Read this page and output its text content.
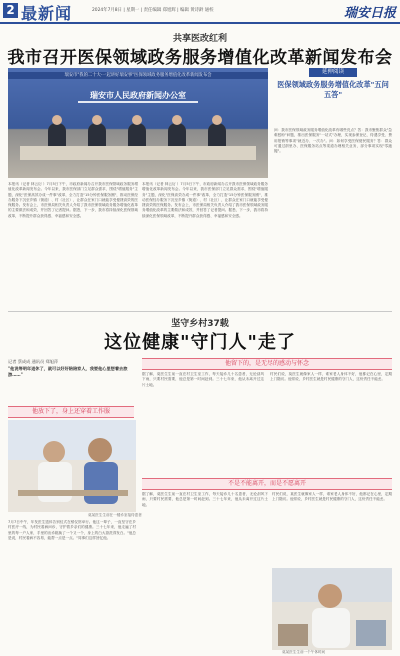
2 最新闻	2024年7月8日 | 星期一 | 责任编辑 郑旭辉 | 编辑 黄诗龄 通校	瑞安日报
共享医改红利
我市召开医保领域政务服务增值化改革新闻发布会
瑞安市"我的二十大·一起讲好瑞安事"医保领域政务服务增值化改革新闻发布会
瑞安市人民政府新闻办公室
延伸阅读
医保领域政务服务增值化改革"五问五答"
本报讯（记者 林云衍 ）7月5日下午，市政府新闻办召开我市医保领域政务服务增值化改革新闻发布会。今年以来，我市医保部门立足群众需求，围绕"增值服务"主题，深化"医保高效办成一件事"改革，全力打造"15分钟医保服务圈"，推动医保经办服务下沉至乡镇（街道）、村（社区），让群众在家门口就能享受便捷高效的医保服务。发布会上，市医保局相关负责人介绍了我市医保领域政务服务增值化改革的主要做法和成效，并回答了记者提问。据悉，下一步，我市将持续深化医保领域改革，不断提升群众获得感、幸福感和安全感。
本报讯（记者 林云衍 ）7月5日下午，市政府新闻办召开我市医保领域政务服务增值化改革新闻发布会。今年以来，我市医保部门立足群众需求，围绕"增值服务"主题，深化"医保高效办成一件事"改革，全力打造"15分钟医保服务圈"，推动医保经办服务下沉至乡镇（街道）、村（社区），让群众在家门口就能享受便捷高效的医保服务。发布会上，市医保局相关负责人介绍了我市医保领域政务服务增值化改革的主要做法和成效，并回答了记者提问。据悉，下一步，我市将持续深化医保领域改革，不断提升群众获得感、幸福感和安全感。
问：我市医保领域政务服务增值化改革有哪些亮点？答：我市聚焦群众"急难愁盼"问题，推出医保服务"一站式"办理，实现参保登记、待遇享受、费用报销等事项"就近办、一次办"。问：如何享受医保便民服务？答：群众可通过浙里办、医保服务站点等渠道办理相关业务，部分事项实现"零跑腿"。
坚守乡村37载
这位健康"守门人"走了
记者 蔡成成 通讯员 郑旭萍
"他说等明年退休了，就可以好好陪陪家人，我要他心里想着去旅游……"
他放下了，身上还穿着工作服
他留下的，是无尽的感动与怀念
不是不能离开，而是不愿离开
莫某医生生前在一楼诊室接待患者
莫某医生生前一个午休时间
7月7日中午，年发医生遗体告别仪式在殡仪馆举行。他这一辈子，一直坚守在乡村医疗一线，为村民看病问诊，守护着乡亲们的健康。三十七年来，他走遍了村里的每一户人家，手里的出诊箱换了一个又一个，身上的白大褂洗得发白。"他总是说，村民看病不容易，能帮一点是一点。"同事们这样回忆他。
据了解，莫医生生前一直在村卫生室工作，每天接诊几十名患者，无论刮风下雨，只要村民需要，他总是第一时间赶到。三十七年来，他从未离开过这片土地。
村民们说，莫医生就像家人一样，谁家老人身体不好，他都记在心里，定期上门随访。他常说，乡村医生就是村民健康的守门人，这份责任不能丢。
据了解，莫医生生前一直在村卫生室工作，每天接诊几十名患者，无论刮风下雨，只要村民需要，他总是第一时间赶到。三十七年来，他从未离开过这片土地。
村民们说，莫医生就像家人一样，谁家老人身体不好，他都记在心里，定期上门随访。他常说，乡村医生就是村民健康的守门人，这份责任不能丢。
